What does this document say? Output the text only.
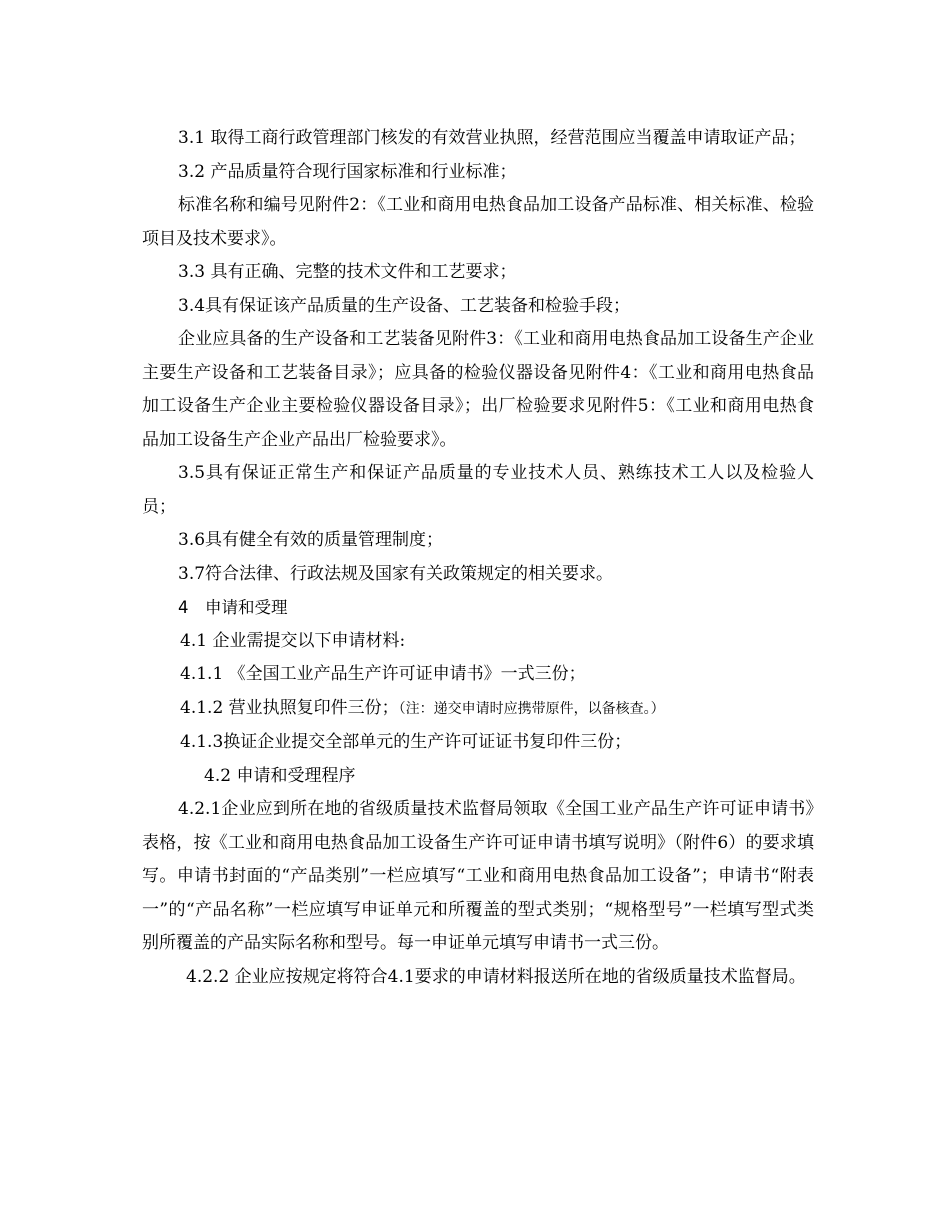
3.1 取得工商行政管理部门核发的有效营业执照，经营范围应当覆盖申请取证产品；

3.2 产品质量符合现行国家标准和行业标准；

标准名称和编号见附件2：《工业和商用电热食品加工设备产品标准、相关标准、检验项目及技术要求》。

3.3 具有正确、完整的技术文件和工艺要求；

3.4具有保证该产品质量的生产设备、工艺装备和检验手段；

企业应具备的生产设备和工艺装备见附件3：《工业和商用电热食品加工设备生产企业主要生产设备和工艺装备目录》；应具备的检验仪器设备见附件4：《工业和商用电热食品加工设备生产企业主要检验仪器设备目录》；出厂检验要求见附件5：《工业和商用电热食品加工设备生产企业产品出厂检验要求》。

3.5具有保证正常生产和保证产品质量的专业技术人员、熟练技术工人以及检验人员；

3.6具有健全有效的质量管理制度；

3.7符合法律、行政法规及国家有关政策规定的相关要求。

4　申请和受理

4.1 企业需提交以下申请材料:

4.1.1 《全国工业产品生产许可证申请书》一式三份；

4.1.2 营业执照复印件三份；（注：递交申请时应携带原件，以备核查。）

4.1.3换证企业提交全部单元的生产许可证证书复印件三份；

4.2 申请和受理程序

4.2.1企业应到所在地的省级质量技术监督局领取《全国工业产品生产许可证申请书》表格，按《工业和商用电热食品加工设备生产许可证申请书填写说明》（附件6）的要求填写。申请书封面的“产品类别”一栏应填写“工业和商用电热食品加工设备”；申请书“附表一”的“产品名称”一栏应填写申证单元和所覆盖的型式类别；“规格型号”一栏填写型式类别所覆盖的产品实际名称和型号。每一申证单元填写申请书一式三份。

4.2.2 企业应按规定将符合4.1要求的申请材料报送所在地的省级质量技术监督局。
